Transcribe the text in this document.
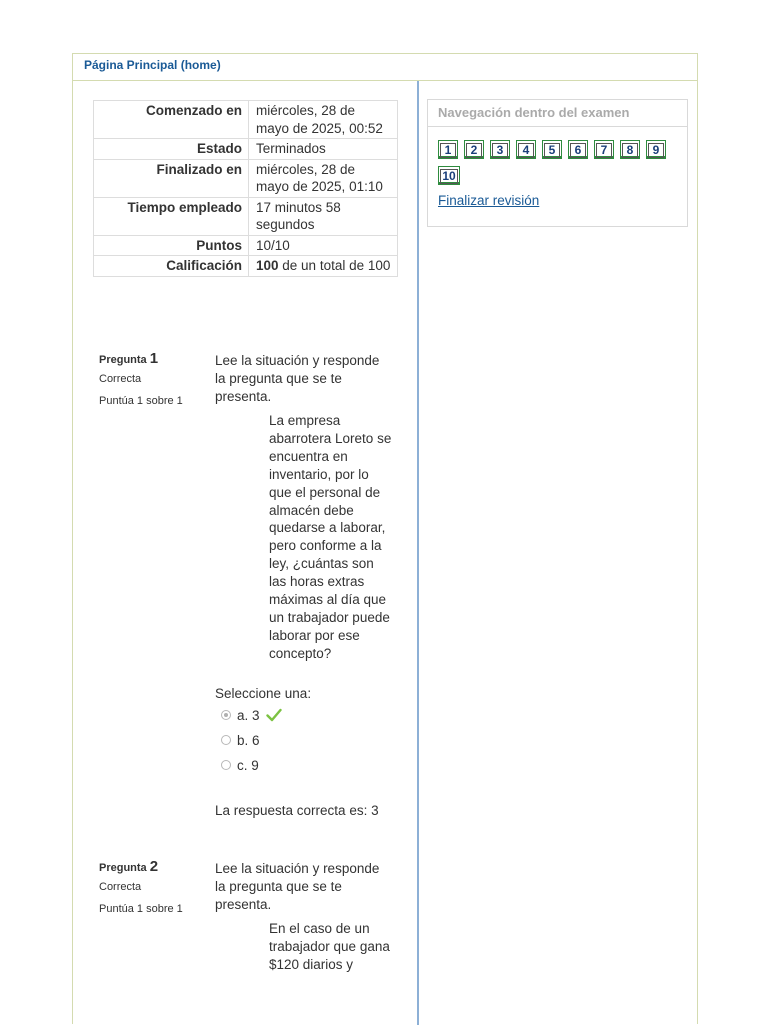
Página Principal (home)
Comenzado en	miércoles, 28 de mayo de 2025, 00:52
Estado	Terminados
Finalizado en	miércoles, 28 de mayo de 2025, 01:10
Tiempo empleado	17 minutos 58 segundos
Puntos	10/10
Calificación	100 de un total de 100
Pregunta 1
Correcta
Puntúa 1 sobre 1
Lee la situación y responde la pregunta que se te presenta.
La empresa abarrotera Loreto se encuentra en inventario, por lo que el personal de almacén debe quedarse a laborar, pero conforme a la ley, ¿cuántas son las horas extras máximas al día que un trabajador puede laborar por ese concepto?
Seleccione una:
a. 3
b. 6
c. 9
La respuesta correcta es: 3
Pregunta 2
Correcta
Puntúa 1 sobre 1
Lee la situación y responde la pregunta que se te presenta.
En el caso de un trabajador que gana $120 diarios y
Navegación dentro del examen
1 2 3 4 5 6 7 8 910
Finalizar revisión
